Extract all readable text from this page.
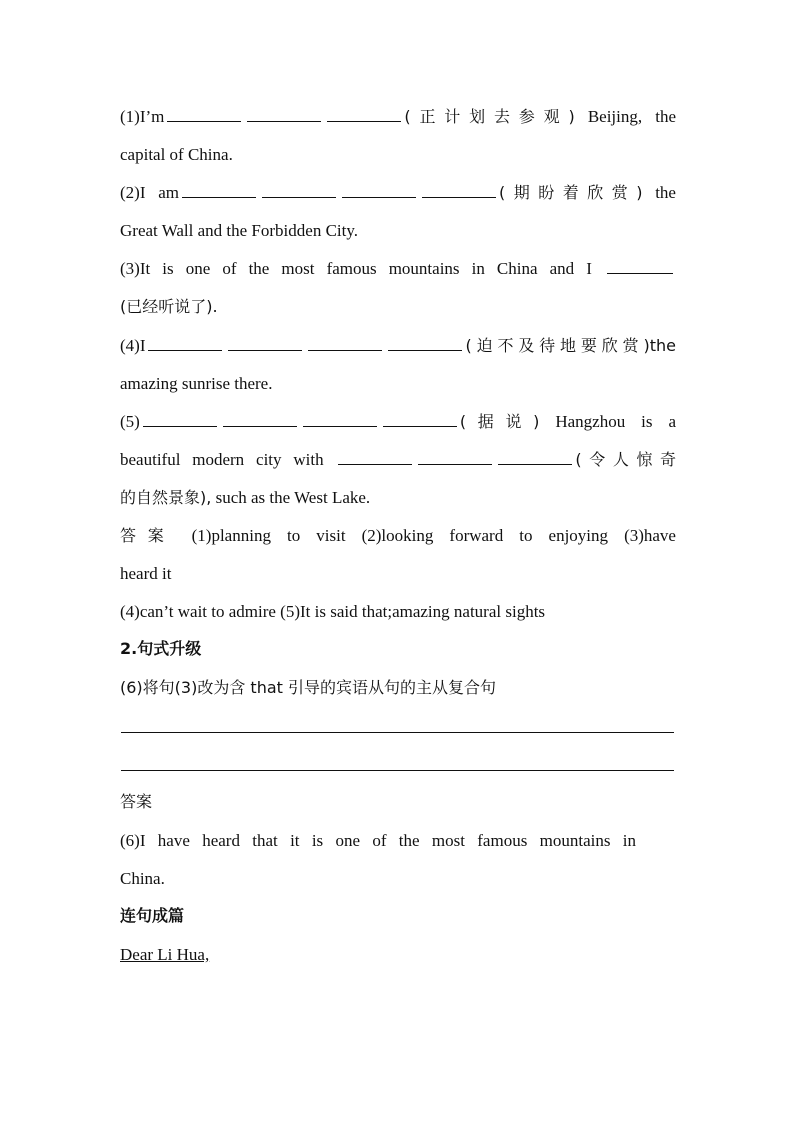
(1)I’m	(正计划去参观) Beijing, the
capital of China.
(2)I am	(期盼着欣赏) the
Great Wall and the Forbidden City.
(3)It is one of the most famous mountains in China and I
(已经听说了).
(4)I	(迫不及待地要欣赏)the
amazing sunrise there.
(5)	(据说) Hangzhou is a
beautiful modern city with	(令人惊奇
的自然景象), such as the West Lake.
答案 (1)planning to visit (2)looking forward to enjoying (3)have
heard it
(4)can’t wait to admire (5)It is said that;amazing natural sights
2.句式升级
(6)将句(3)改为含 that 引导的宾语从句的主从复合句
答案
(6)I have heard that it is one of the most famous mountains in
China.
连句成篇
Dear Li Hua,
